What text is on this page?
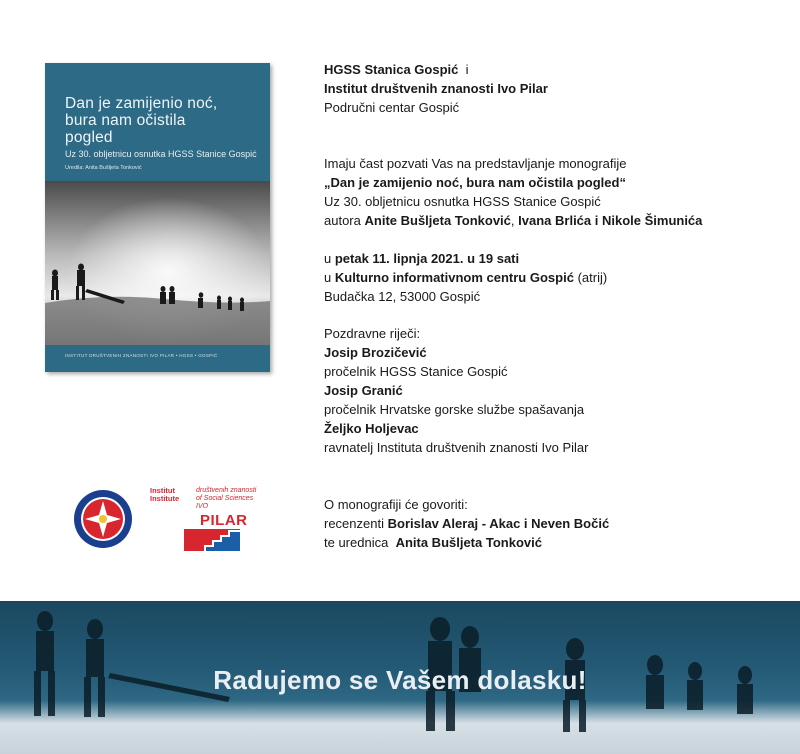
Dan je zamijenio noć,
bura nam očistila
pogled
Uz 30. obljetnicu osnutka HGSS Stanice Gospić
Uredila: Anita Bušljeta Tonković
INSTITUT DRUŠTVENIH ZNANOSTI IVO PILAR • HGSS • GOSPIĆ
HGSS Stanica Gospić i
Institut društvenih znanosti Ivo Pilar
Područni centar Gospić
Imaju čast pozvati Vas na predstavljanje monografije
„Dan je zamijenio noć, bura nam očistila pogled“
Uz 30. obljetnicu osnutka HGSS Stanice Gospić
autora Anite Bušljeta Tonković, Ivana Brlića i Nikole Šimunića
u petak 11. lipnja 2021. u 19 sati
u Kulturno informativnom centru Gospić (atrij)
Budačka 12, 53000 Gospić
Pozdravne riječi:
Josip Brozičević
pročelnik HGSS Stanice Gospić
Josip Granić
pročelnik Hrvatske gorske službe spašavanja
Željko Holjevac
ravnatelj Instituta društvenih znanosti Ivo Pilar
O monografiji će govoriti:
recenzenti Borislav Aleraj - Akac i Neven Bočić
te urednica Anita Bušljeta Tonković
Institut
Institute
društvenih znanosti
of Social Sciences
IVO
PILAR
Radujemo se Vašem dolasku!
